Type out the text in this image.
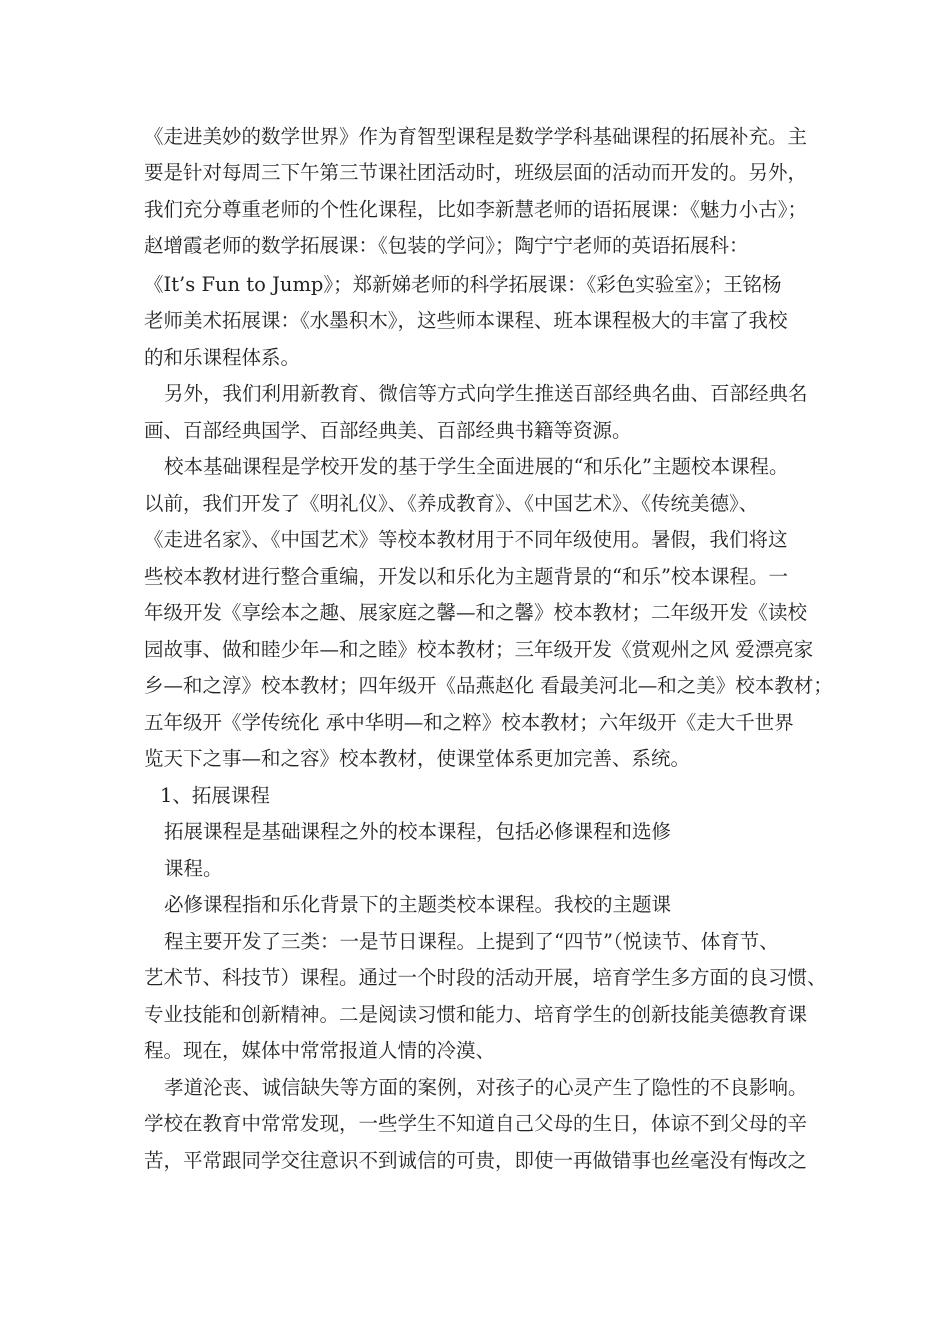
《走进美妙的数学世界》作为育智型课程是数学学科基础课程的拓展补充。主
要是针对每周三下午第三节课社团活动时，班级层面的活动而开发的。另外，
我们充分尊重老师的个性化课程，比如李新慧老师的语拓展课：《魅力小古》；
赵增霞老师的数学拓展课：《包装的学问》；陶宁宁老师的英语拓展科：
《It’s Fun to Jump》；郑新娣老师的科学拓展课：《彩色实验室》；王铭杨
老师美术拓展课：《水墨积木》，这些师本课程、班本课程极大的丰富了我校
的和乐课程体系。
另外，我们利用新教育、微信等方式向学生推送百部经典名曲、百部经典名
画、百部经典国学、百部经典美、百部经典书籍等资源。
校本基础课程是学校开发的基于学生全面进展的“和乐化”主题校本课程。
以前，我们开发了《明礼仪》、《养成教育》、《中国艺术》、《传统美德》、
《走进名家》、《中国艺术》等校本教材用于不同年级使用。暑假，我们将这
些校本教材进行整合重编，开发以和乐化为主题背景的“和乐”校本课程。一
年级开发《享绘本之趣、展家庭之馨—和之馨》校本教材；二年级开发《读校
园故事、做和睦少年—和之睦》校本教材；三年级开发《赏观州之风 爱漂亮家
乡—和之淳》校本教材；四年级开《品燕赵化 看最美河北—和之美》校本教材；
五年级开《学传统化 承中华明—和之粹》校本教材；六年级开《走大千世界
览天下之事—和之容》校本教材，使课堂体系更加完善、系统。
1、拓展课程
拓展课程是基础课程之外的校本课程，包括必修课程和选修
课程。
必修课程指和乐化背景下的主题类校本课程。我校的主题课
程主要开发了三类：一是节日课程。上提到了“四节”（悦读节、体育节、
艺术节、科技节）课程。通过一个时段的活动开展，培育学生多方面的良习惯、
专业技能和创新精神。二是阅读习惯和能力、培育学生的创新技能美德教育课
程。现在，媒体中常常报道人情的冷漠、
孝道沦丧、诚信缺失等方面的案例，对孩子的心灵产生了隐性的不良影响。
学校在教育中常常发现，一些学生不知道自己父母的生日，体谅不到父母的辛
苦，平常跟同学交往意识不到诚信的可贵，即使一再做错事也丝毫没有悔改之
